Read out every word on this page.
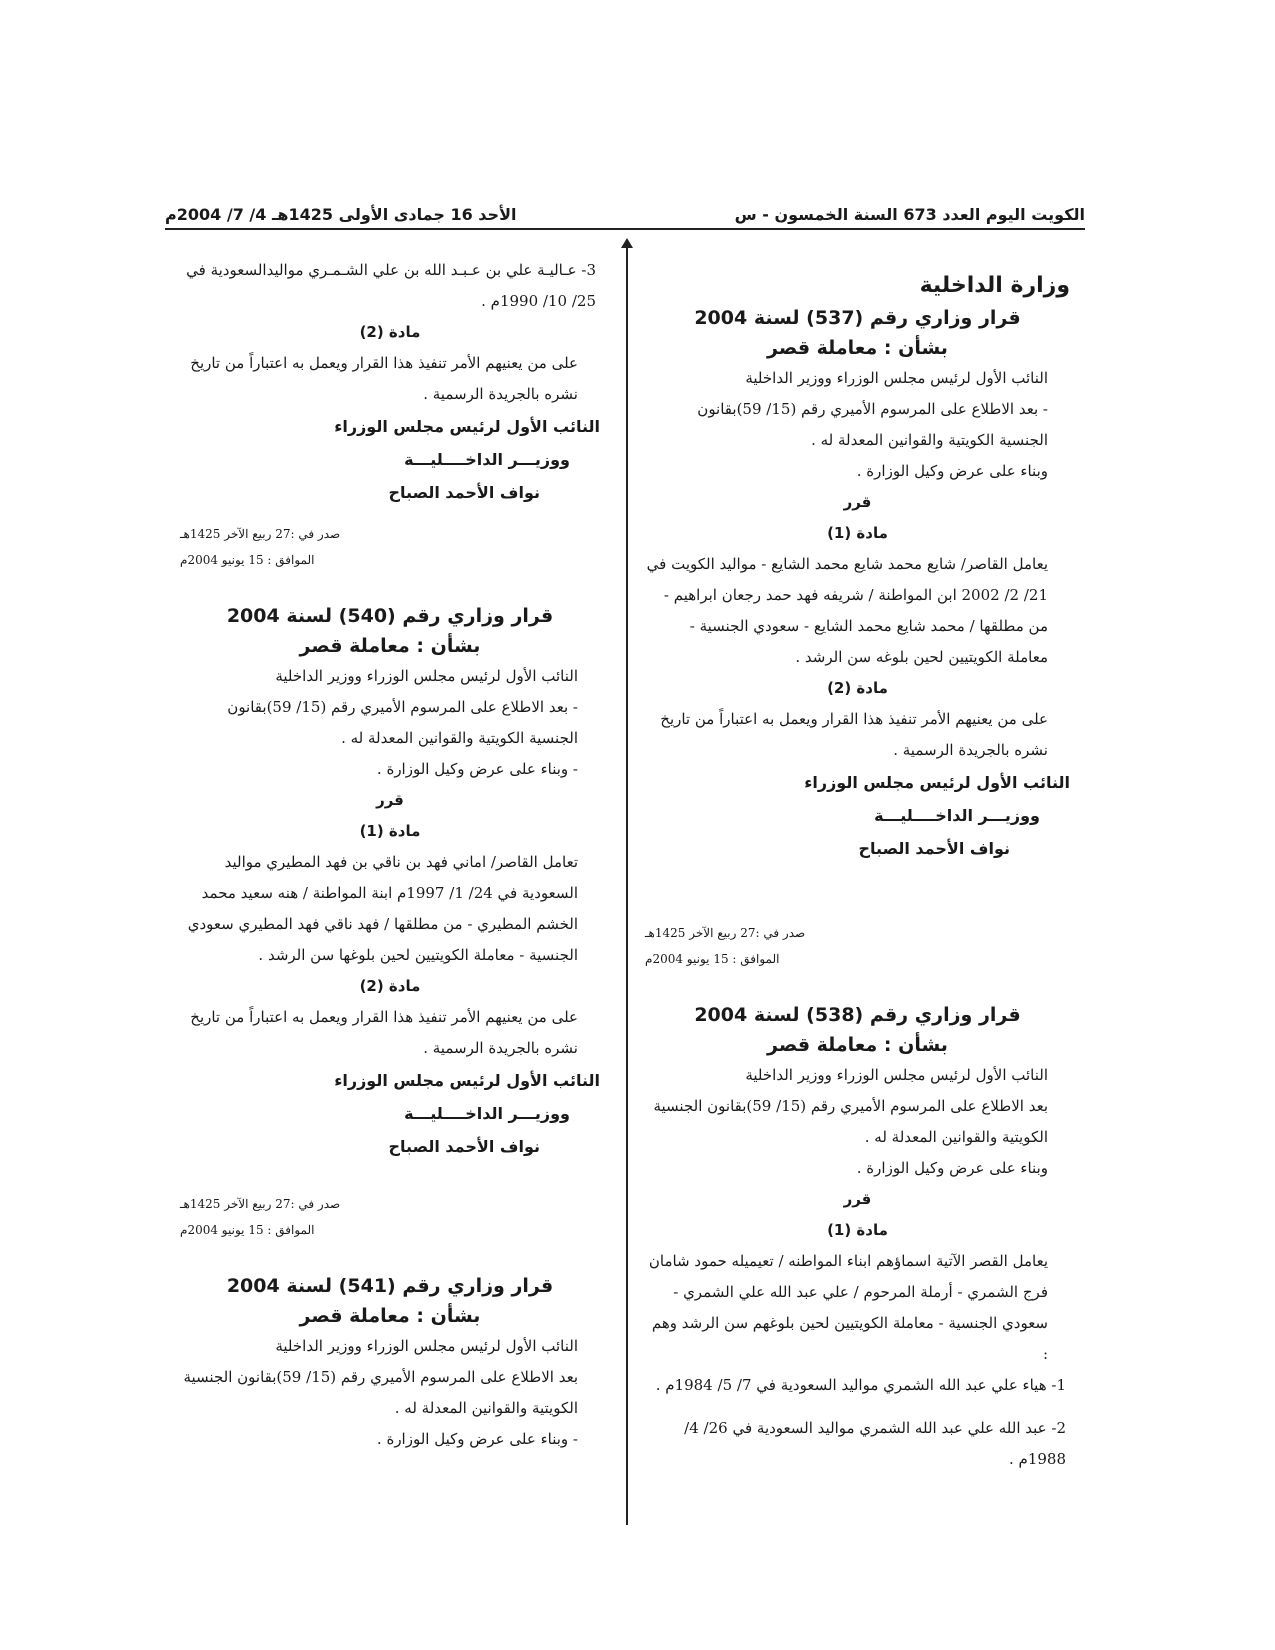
الكويت اليوم العدد 673 السنة الخمسون - س
الأحد 16 جمادى الأولى 1425هـ 4/ 7/ 2004م
وزارة الداخلية
قرار وزاري رقم (537) لسنة 2004
بشأن : معاملة قصر

النائب الأول لرئيس مجلس الوزراء ووزير الداخلية

- بعد الاطلاع على المرسوم الأميري رقم (15/ 59)بقانون الجنسية الكويتية والقوانين المعدلة له .

وبناء على عرض وكيل الوزارة .

قرر
مادة (1)

يعامل القاصر/ شايع محمد شايع محمد الشايع - مواليد الكويت في 21/ 2/ 2002 ابن المواطنة / شريفه فهد حمد رجعان ابراهيم - من مطلقها / محمد شايع محمد الشايع - سعودي الجنسية - معاملة الكويتيين لحين بلوغه سن الرشد .

مادة (2)

على من يعنيهم الأمر تنفيذ هذا القرار ويعمل به اعتباراً من تاريخ نشره بالجريدة الرسمية .

النائب الأول لرئيس مجلس الوزراء
ووزيـــر الداخــــليـــة
نواف الأحمد الصباح
صدر في :27 ربيع الآخر 1425هـ
الموافق : 15 يونيو 2004م
قرار وزاري رقم (538) لسنة 2004
بشأن : معاملة قصر

النائب الأول لرئيس مجلس الوزراء ووزير الداخلية

بعد الاطلاع على المرسوم الأميري رقم (15/ 59)بقانون الجنسية الكويتية والقوانين المعدلة له .

وبناء على عرض وكيل الوزارة .

قرر
مادة (1)

يعامل القصر الآتية اسماؤهم ابناء المواطنه / تعيميله حمود شامان فرج الشمري - أرملة المرحوم / علي عبد الله علي الشمري - سعودي الجنسية - معاملة الكويتيين لحين بلوغهم سن الرشد وهم :

1- هياء علي عبد الله الشمري مواليد السعودية في 7/ 5/ 1984م .

2- عبد الله علي عبد الله الشمري مواليد السعودية في 26/ 4/ 1988م .

3- عـاليـة علي بن عـبـد الله بن علي الشـمـري مواليدالسعودية في 25/ 10/ 1990م .

مادة (2)

على من يعنيهم الأمر تنفيذ هذا القرار ويعمل به اعتباراً من تاريخ نشره بالجريدة الرسمية .

النائب الأول لرئيس مجلس الوزراء
ووزيـــر الداخــــليـــة
نواف الأحمد الصباح
صدر في :27 ربيع الآخر 1425هـ
الموافق : 15 يونيو 2004م
قرار وزاري رقم (540) لسنة 2004
بشأن : معاملة قصر

النائب الأول لرئيس مجلس الوزراء ووزير الداخلية

- بعد الاطلاع على المرسوم الأميري رقم (15/ 59)بقانون الجنسية الكويتية والقوانين المعدلة له .

- وبناء على عرض وكيل الوزارة .

قرر
مادة (1)

تعامل القاصر/ اماني فهد بن ناقي بن فهد المطيري مواليد السعودية في 24/ 1/ 1997م ابنة المواطنة / هنه سعيد محمد الخشم المطيري - من مطلقها / فهد ناقي فهد المطيري سعودي الجنسية - معاملة الكويتيين لحين بلوغها سن الرشد .

مادة (2)

على من يعنيهم الأمر تنفيذ هذا القرار ويعمل به اعتباراً من تاريخ نشره بالجريدة الرسمية .

النائب الأول لرئيس مجلس الوزراء
ووزيـــر الداخــــليـــة
نواف الأحمد الصباح
صدر في :27 ربيع الآخر 1425هـ
الموافق : 15 يونيو 2004م
قرار وزاري رقم (541) لسنة 2004
بشأن : معاملة قصر

النائب الأول لرئيس مجلس الوزراء ووزير الداخلية

بعد الاطلاع على المرسوم الأميري رقم (15/ 59)بقانون الجنسية الكويتية والقوانين المعدلة له .

- وبناء على عرض وكيل الوزارة .
